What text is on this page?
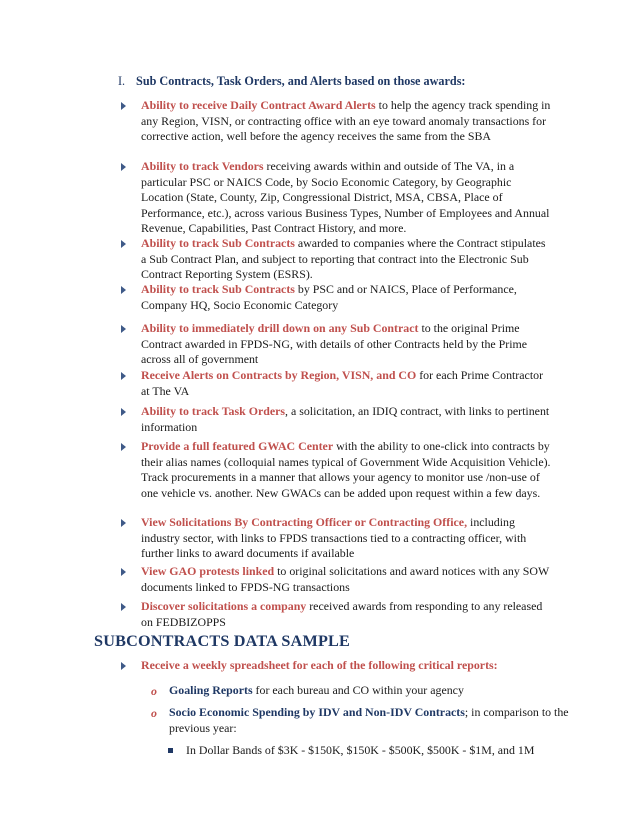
I. Sub Contracts, Task Orders, and Alerts based on those awards:
Ability to receive Daily Contract Award Alerts to help the agency track spending in any Region, VISN, or contracting office with an eye toward anomaly transactions for corrective action, well before the agency receives the same from the SBA
Ability to track Vendors receiving awards within and outside of The VA, in a particular PSC or NAICS Code, by Socio Economic Category, by Geographic Location (State, County, Zip, Congressional District, MSA, CBSA, Place of Performance, etc.), across various Business Types, Number of Employees and Annual Revenue, Capabilities, Past Contract History, and more.
Ability to track Sub Contracts awarded to companies where the Contract stipulates a Sub Contract Plan, and subject to reporting that contract into the Electronic Sub Contract Reporting System (ESRS).
Ability to track Sub Contracts by PSC and or NAICS, Place of Performance, Company HQ, Socio Economic Category
Ability to immediately drill down on any Sub Contract to the original Prime Contract awarded in FPDS-NG, with details of other Contracts held by the Prime across all of government
Receive Alerts on Contracts by Region, VISN, and CO for each Prime Contractor at The VA
Ability to track Task Orders, a solicitation, an IDIQ contract, with links to pertinent information
Provide a full featured GWAC Center with the ability to one-click into contracts by their alias names (colloquial names typical of Government Wide Acquisition Vehicle). Track procurements in a manner that allows your agency to monitor use /non-use of one vehicle vs. another. New GWACs can be added upon request within a few days.
View Solicitations By Contracting Officer or Contracting Office, including industry sector, with links to FPDS transactions tied to a contracting officer, with further links to award documents if available
View GAO protests linked to original solicitations and award notices with any SOW documents linked to FPDS-NG transactions
Discover solicitations a company received awards from responding to any released on FEDBIZOPPS
SUBCONTRACTS DATA SAMPLE
Receive a weekly spreadsheet for each of the following critical reports:
o Goaling Reports for each bureau and CO within your agency
o Socio Economic Spending by IDV and Non-IDV Contracts; in comparison to the previous year:
In Dollar Bands of $3K - $150K, $150K - $500K, $500K - $1M, and 1M
